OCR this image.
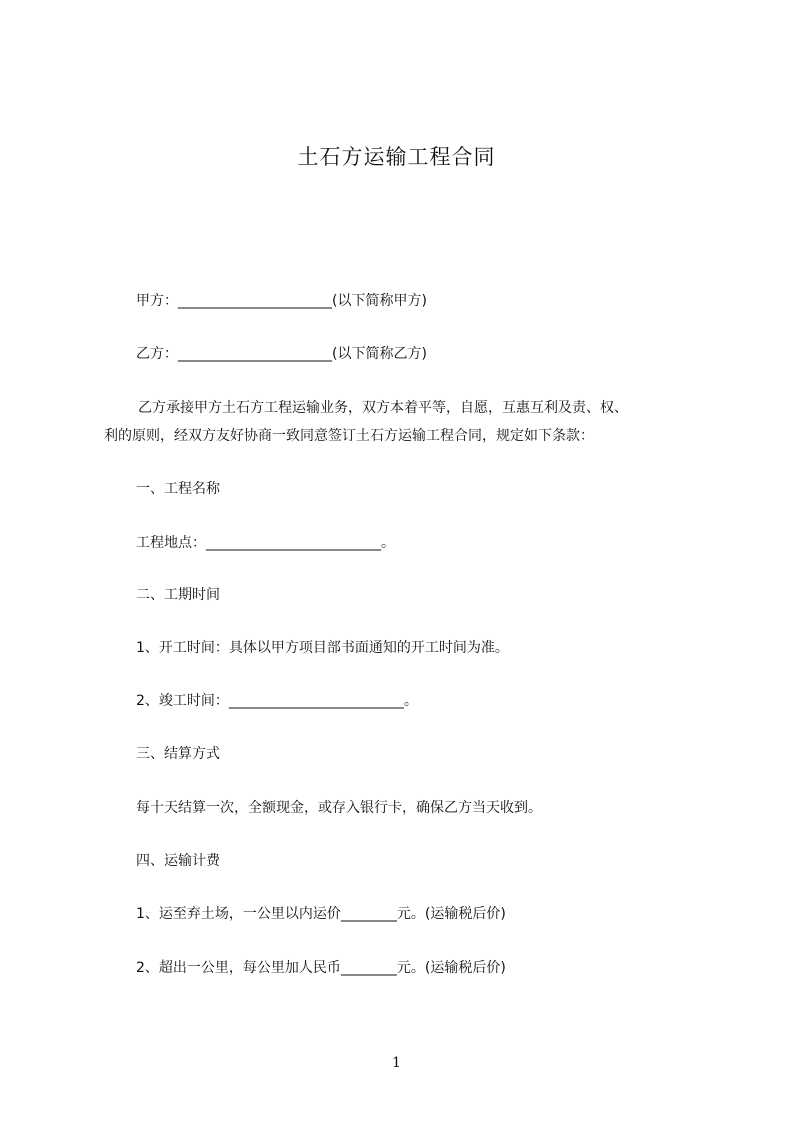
土石方运输工程合同
甲方：______________________(以下简称甲方)
乙方：______________________(以下简称乙方)
乙方承接甲方土石方工程运输业务，双方本着平等，自愿，互惠互利及责、权、
利的原则，经双方友好协商一致同意签订土石方运输工程合同，规定如下条款：
一、工程名称
工程地点：_________________________。
二、工期时间
1、开工时间：具体以甲方项目部书面通知的开工时间为准。
2、竣工时间：_________________________。
三、结算方式
每十天结算一次，全额现金，或存入银行卡，确保乙方当天收到。
四、运输计费
1、运至弃土场，一公里以内运价________元。(运输税后价)
2、超出一公里，每公里加人民币________元。(运输税后价)
1
